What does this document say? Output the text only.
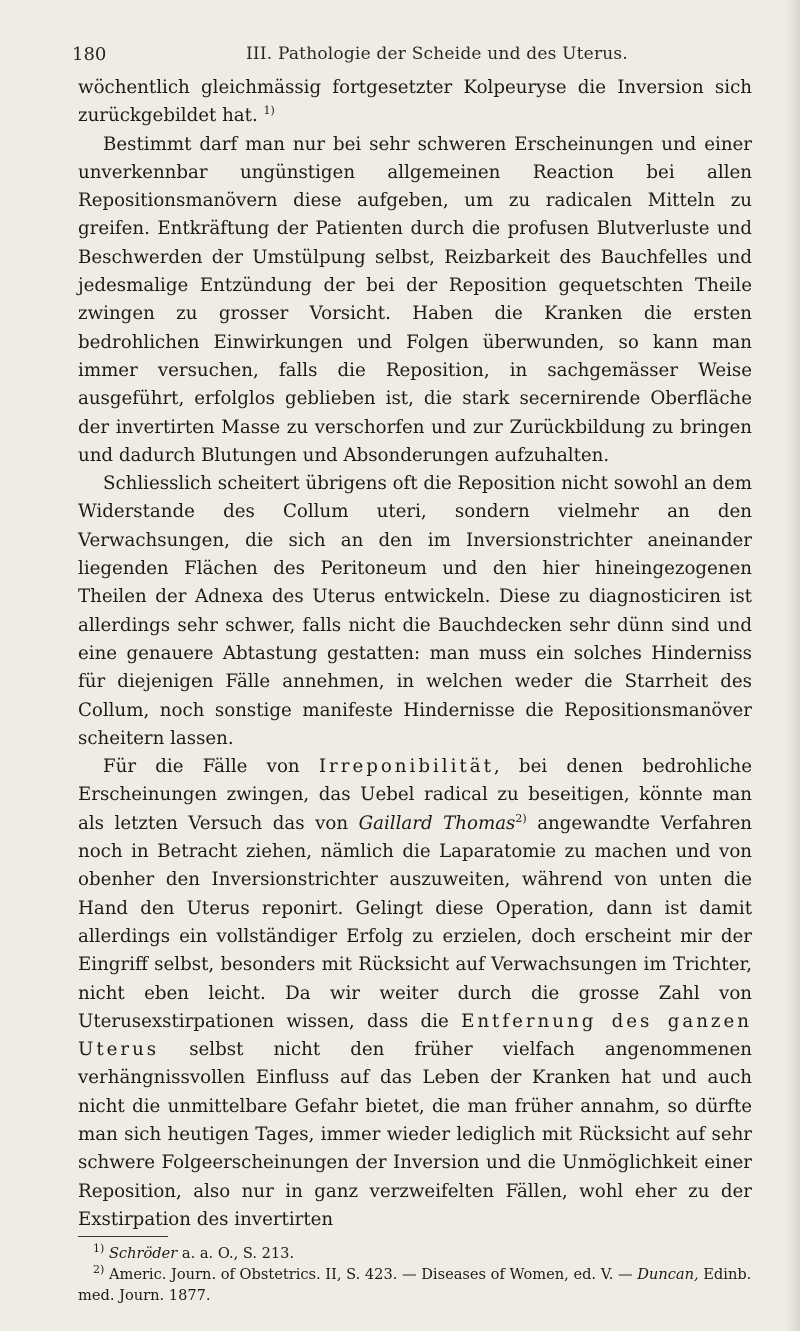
180	III. Pathologie der Scheide und des Uterus.

wöchentlich gleichmässig fortgesetzter Kolpeuryse die Inversion sich zurückgebildet hat. $^{1)}$

Bestimmt darf man nur bei sehr schweren Erscheinungen und einer unverkennbar ungünstigen allgemeinen Reaction bei allen Repositionsmanövern diese aufgeben, um zu radicalen Mitteln zu greifen. Entkräftung der Patienten durch die profusen Blutverluste und Beschwerden der Umstülpung selbst, Reizbarkeit des Bauchfelles und jedesmalige Entzündung der bei der Reposition gequetschten Theile zwingen zu grosser Vorsicht. Haben die Kranken die ersten bedrohlichen Einwirkungen und Folgen überwunden, so kann man immer versuchen, falls die Reposition, in sachgemässer Weise ausgeführt, erfolglos geblieben ist, die stark secernirende Oberfläche der invertirten Masse zu verschorfen und zur Zurückbildung zu bringen und dadurch Blutungen und Absonderungen aufzuhalten.

Schliesslich scheitert übrigens oft die Reposition nicht sowohl an dem Widerstande des Collum uteri, sondern vielmehr an den Verwachsungen, die sich an den im Inversionstrichter aneinander liegenden Flächen des Peritoneum und den hier hineingezogenen Theilen der Adnexa des Uterus entwickeln. Diese zu diagnosticiren ist allerdings sehr schwer, falls nicht die Bauchdecken sehr dünn sind und eine genauere Abtastung gestatten: man muss ein solches Hinderniss für diejenigen Fälle annehmen, in welchen weder die Starrheit des Collum, noch sonstige manifeste Hindernisse die Repositionsmanöver scheitern lassen.

Für die Fälle von Irreponibilität, bei denen bedrohliche Erscheinungen zwingen, das Uebel radical zu beseitigen, könnte man als letzten Versuch das von Gaillard Thomas$^{2)}$ angewandte Verfahren noch in Betracht ziehen, nämlich die Laparatomie zu machen und von obenher den Inversionstrichter auszuweiten, während von unten die Hand den Uterus reponirt. Gelingt diese Operation, dann ist damit allerdings ein vollständiger Erfolg zu erzielen, doch erscheint mir der Eingriff selbst, besonders mit Rücksicht auf Verwachsungen im Trichter, nicht eben leicht. Da wir weiter durch die grosse Zahl von Uterusexstirpationen wissen, dass die Entfernung des ganzen Uterus selbst nicht den früher vielfach angenommenen verhängnissvollen Einfluss auf das Leben der Kranken hat und auch nicht die unmittelbare Gefahr bietet, die man früher annahm, so dürfte man sich heutigen Tages, immer wieder lediglich mit Rücksicht auf sehr schwere Folgeerscheinungen der Inversion und die Unmöglichkeit einer Reposition, also nur in ganz verzweifelten Fällen, wohl eher zu der Exstirpation des invertirten

$^{1)}$ Schröder a. a. O., S. 213.

$^{2)}$ Americ. Journ. of Obstetrics. II, S. 423. — Diseases of Women, ed. V. — Duncan, Edinb. med. Journ. 1877.
